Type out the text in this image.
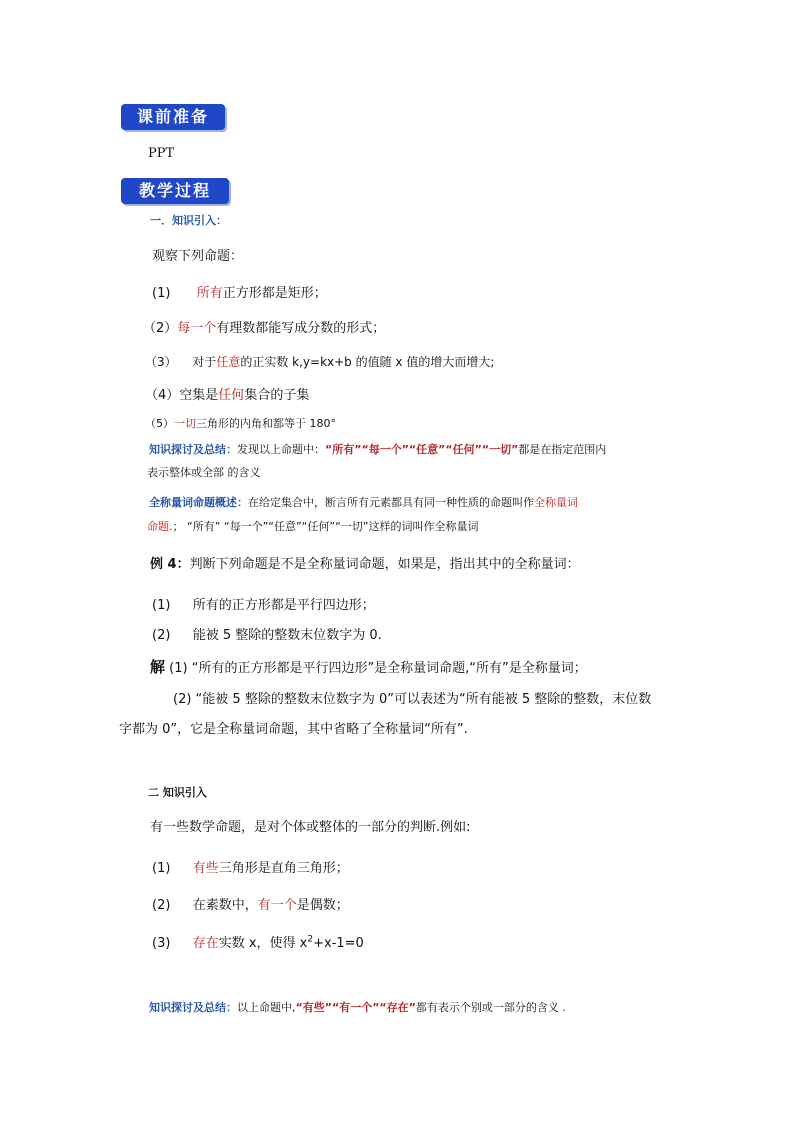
课前准备
PPT
教学过程
一．知识引入：
观察下列命题：
(1) 所有正方形都是矩形；
（2）每一个有理数都能写成分数的形式；
（3） 对于任意的正实数 k,y=kx+b 的值随 x 值的增大而增大;
（4）空集是任何集合的子集
（5）一切三角形的内角和都等于 180°
知识探讨及总结：发现以上命题中：“所有”“每一个”“任意”“任何”“一切”都是在指定范围内
表示整体或全部 的含义
全称量词命题概述：在给定集合中，断言所有元素都具有同一种性质的命题叫作全称量词
命题.； “所有” “每一个”“任意”“任何”“一切”这样的词叫作全称量词
例 4：判断下列命题是不是全称量词命题，如果是，指出其中的全称量词：
(1) 所有的正方形都是平行四边形；
(2) 能被 5 整除的整数末位数字为 0.
解 (1) “所有的正方形都是平行四边形”是全称量词命题,“所有”是全称量词；
(2) “能被 5 整除的整数末位数字为 0”可以表述为“所有能被 5 整除的整数，末位数
字都为 0”，它是全称量词命题，其中省略了全称量词“所有”.
二 知识引入
有一些数学命题，是对个体或整体的一部分的判断.例如:
(1) 有些三角形是直角三角形；
(2) 在素数中，有一个是偶数；
(3) 存在实数 x，使得 $x^2+x-1=0$
知识探讨及总结：以上命题中,“有些”“有一个”“存在”都有表示个别或一部分的含义 .
